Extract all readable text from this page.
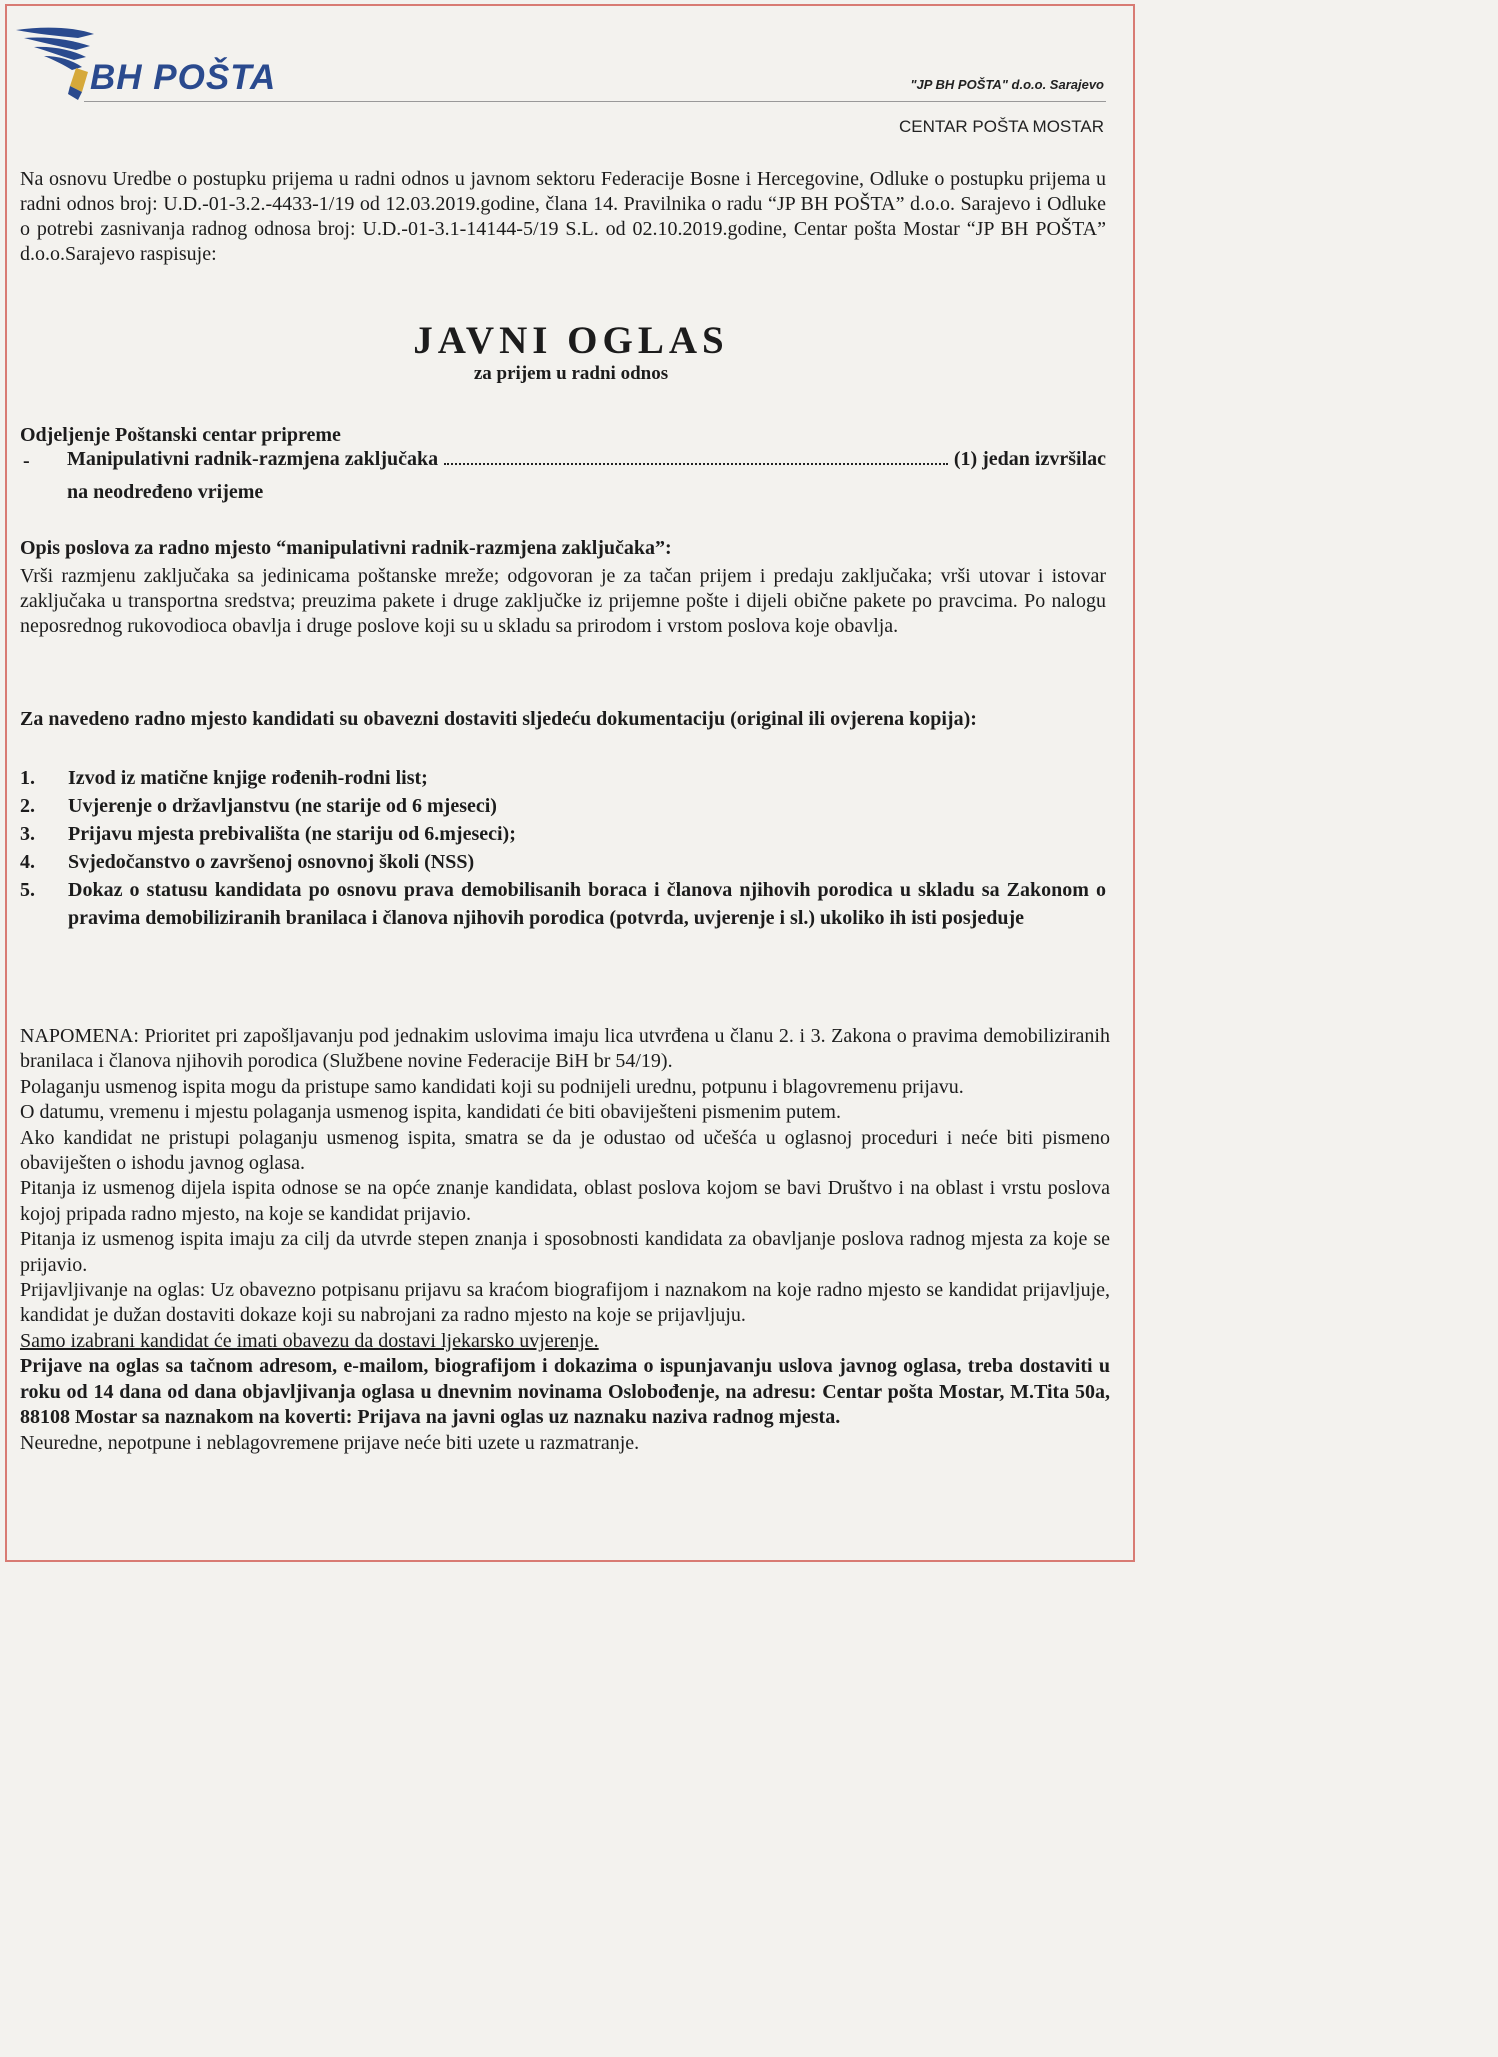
BH POŠTA	"JP BH POŠTA" d.o.o. Sarajevo
CENTAR POŠTA MOSTAR

Na osnovu Uredbe o postupku prijema u radni odnos u javnom sektoru Federacije Bosne i Hercegovine, Odluke o postupku prijema u radni odnos broj: U.D.-01-3.2.-4433-1/19 od 12.03.2019.godine, člana 14. Pravilnika o radu “JP BH POŠTA” d.o.o. Sarajevo i Odluke o potrebi zasnivanja radnog odnosa broj: U.D.-01-3.1-14144-5/19 S.L. od 02.10.2019.godine, Centar pošta Mostar “JP BH POŠTA” d.o.o.Sarajevo raspisuje:

JAVNI OGLAS
za prijem u radni odnos
Odjeljenje Poštanski centar pripreme
- Manipulativni radnik-razmjena zaključaka	(1) jedan izvršilac
na neodređeno vrijeme
Opis poslova za radno mjesto “manipulativni radnik-razmjena zaključaka”:

Vrši razmjenu zaključaka sa jedinicama poštanske mreže; odgovoran je za tačan prijem i predaju zaključaka; vrši utovar i istovar zaključaka u transportna sredstva; preuzima pakete i druge zaključke iz prijemne pošte i dijeli obične pakete po pravcima. Po nalogu neposrednog rukovodioca obavlja i druge poslove koji su u skladu sa prirodom i vrstom poslova koje obavlja.

Za navedeno radno mjesto kandidati su obavezni dostaviti sljedeću dokumentaciju (original ili ovjerena kopija):

1.	Izvod iz matične knjige rođenih-rodni list;
2.	Uvjerenje o državljanstvu (ne starije od 6 mjeseci)
3.	Prijavu mjesta prebivališta (ne stariju od 6.mjeseci);
4.	Svjedočanstvo o završenoj osnovnoj školi (NSS)
5.	Dokaz o statusu kandidata po osnovu prava demobilisanih boraca i članova njihovih porodica u skladu sa Zakonom o pravima demobiliziranih branilaca i članova njihovih porodica (potvrda, uvjerenje i sl.) ukoliko ih isti posjeduje

NAPOMENA: Prioritet pri zapošljavanju pod jednakim uslovima imaju lica utvrđena u članu 2. i 3. Zakona o pravima demobiliziranih branilaca i članova njihovih porodica (Službene novine Federacije BiH br 54/19).

Polaganju usmenog ispita mogu da pristupe samo kandidati koji su podnijeli urednu, potpunu i blagovremenu prijavu.

O datumu, vremenu i mjestu polaganja usmenog ispita, kandidati će biti obaviješteni pismenim putem.

Ako kandidat ne pristupi polaganju usmenog ispita, smatra se da je odustao od učešća u oglasnoj proceduri i neće biti pismeno obaviješten o ishodu javnog oglasa.

Pitanja iz usmenog dijela ispita odnose se na opće znanje kandidata, oblast poslova kojom se bavi Društvo i na oblast i vrstu poslova kojoj pripada radno mjesto, na koje se kandidat prijavio.

Pitanja iz usmenog ispita imaju za cilj da utvrde stepen znanja i sposobnosti kandidata za obavljanje poslova radnog mjesta za koje se prijavio.

Prijavljivanje na oglas: Uz obavezno potpisanu prijavu sa kraćom biografijom i naznakom na koje radno mjesto se kandidat prijavljuje, kandidat je dužan dostaviti dokaze koji su nabrojani za radno mjesto na koje se prijavljuju.

Samo izabrani kandidat će imati obavezu da dostavi ljekarsko uvjerenje.

Prijave na oglas sa tačnom adresom, e-mailom, biografijom i dokazima o ispunjavanju uslova javnog oglasa, treba dostaviti u roku od 14 dana od dana objavljivanja oglasa u dnevnim novinama Oslobođenje, na adresu: Centar pošta Mostar, M.Tita 50a, 88108 Mostar sa naznakom na koverti: Prijava na javni oglas uz naznaku naziva radnog mjesta.

Neuredne, nepotpune i neblagovremene prijave neće biti uzete u razmatranje.
